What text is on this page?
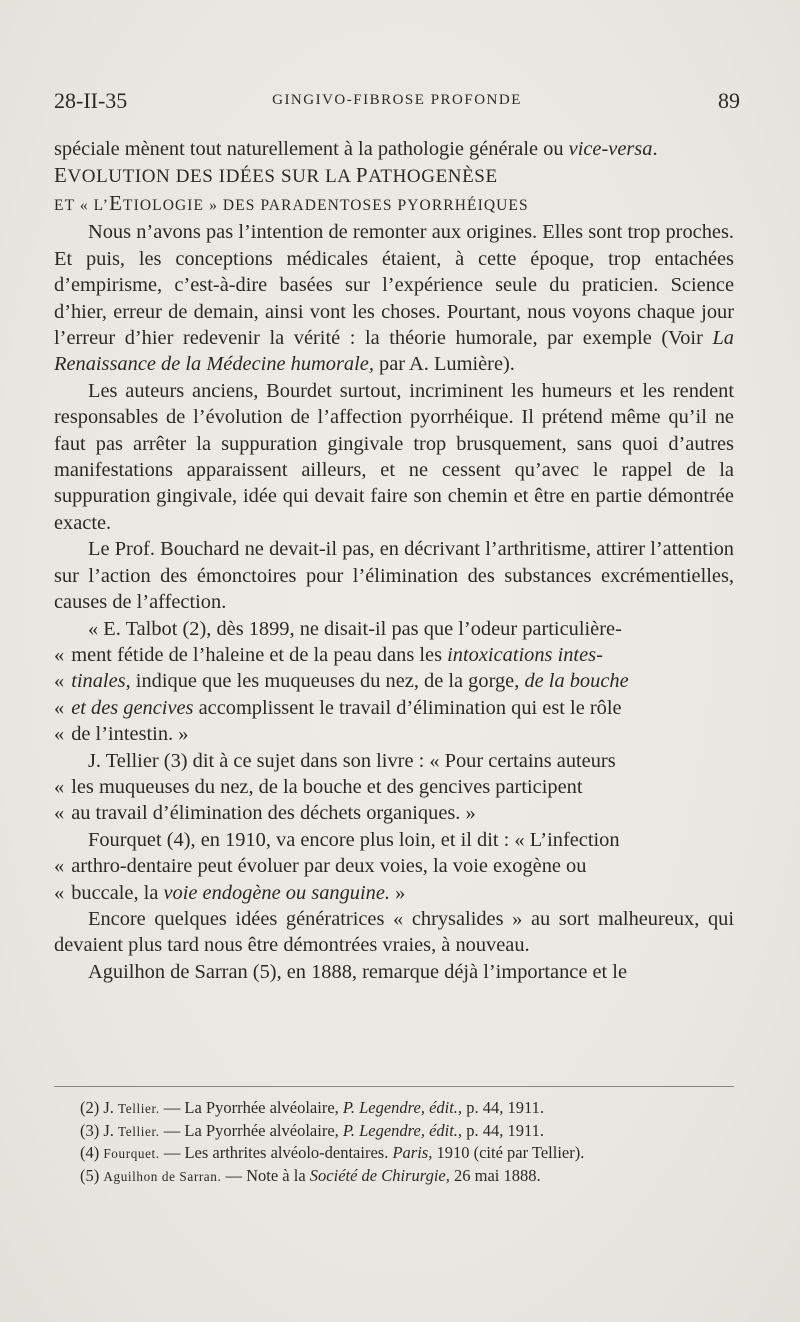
28-II-35	GINGIVO-FIBROSE PROFONDE	89

spéciale mènent tout naturellement à la pathologie générale ou vice-versa.

EVOLUTION DES IDÉES SUR LA PATHOGENÈSE

ET « L’ETIOLOGIE » DES PARADENTOSES PYORRHÉIQUES

Nous n’avons pas l’intention de remonter aux origines. Elles sont trop proches. Et puis, les conceptions médicales étaient, à cette époque, trop entachées d’empirisme, c’est-à-dire basées sur l’expérience seule du praticien. Science d’hier, erreur de demain, ainsi vont les choses. Pourtant, nous voyons chaque jour l’erreur d’hier redevenir la vérité : la théorie humorale, par exemple (Voir La Renaissance de la Médecine humorale, par A. Lumière).

Les auteurs anciens, Bourdet surtout, incriminent les humeurs et les rendent responsables de l’évolution de l’affection pyorrhéique. Il prétend même qu’il ne faut pas arrêter la suppuration gingivale trop brusquement, sans quoi d’autres manifestations apparaissent ailleurs, et ne cessent qu’avec le rappel de la suppuration gingivale, idée qui devait faire son chemin et être en partie démontrée exacte.

Le Prof. Bouchard ne devait-il pas, en décrivant l’arthritisme, attirer l’attention sur l’action des émonctoires pour l’élimination des substances excrémentielles, causes de l’affection.

« E. Talbot (2), dès 1899, ne disait-il pas que l’odeur particulière-

« ment fétide de l’haleine et de la peau dans les intoxications intes-

« tinales, indique que les muqueuses du nez, de la gorge, de la bouche

« et des gencives accomplissent le travail d’élimination qui est le rôle

« de l’intestin. »

J. Tellier (3) dit à ce sujet dans son livre : « Pour certains auteurs

« les muqueuses du nez, de la bouche et des gencives participent

« au travail d’élimination des déchets organiques. »

Fourquet (4), en 1910, va encore plus loin, et il dit : « L’infection

« arthro-dentaire peut évoluer par deux voies, la voie exogène ou

« buccale, la voie endogène ou sanguine. »

Encore quelques idées génératrices « chrysalides » au sort malheureux, qui devaient plus tard nous être démontrées vraies, à nouveau.

Aguilhon de Sarran (5), en 1888, remarque déjà l’importance et le

(2) J. Tellier. — La Pyorrhée alvéolaire, P. Legendre, édit., p. 44, 1911.

(3) J. Tellier. — La Pyorrhée alvéolaire, P. Legendre, édit., p. 44, 1911.

(4) Fourquet. — Les arthrites alvéolo-dentaires. Paris, 1910 (cité par Tellier).

(5) Aguilhon de Sarran. — Note à la Société de Chirurgie, 26 mai 1888.
